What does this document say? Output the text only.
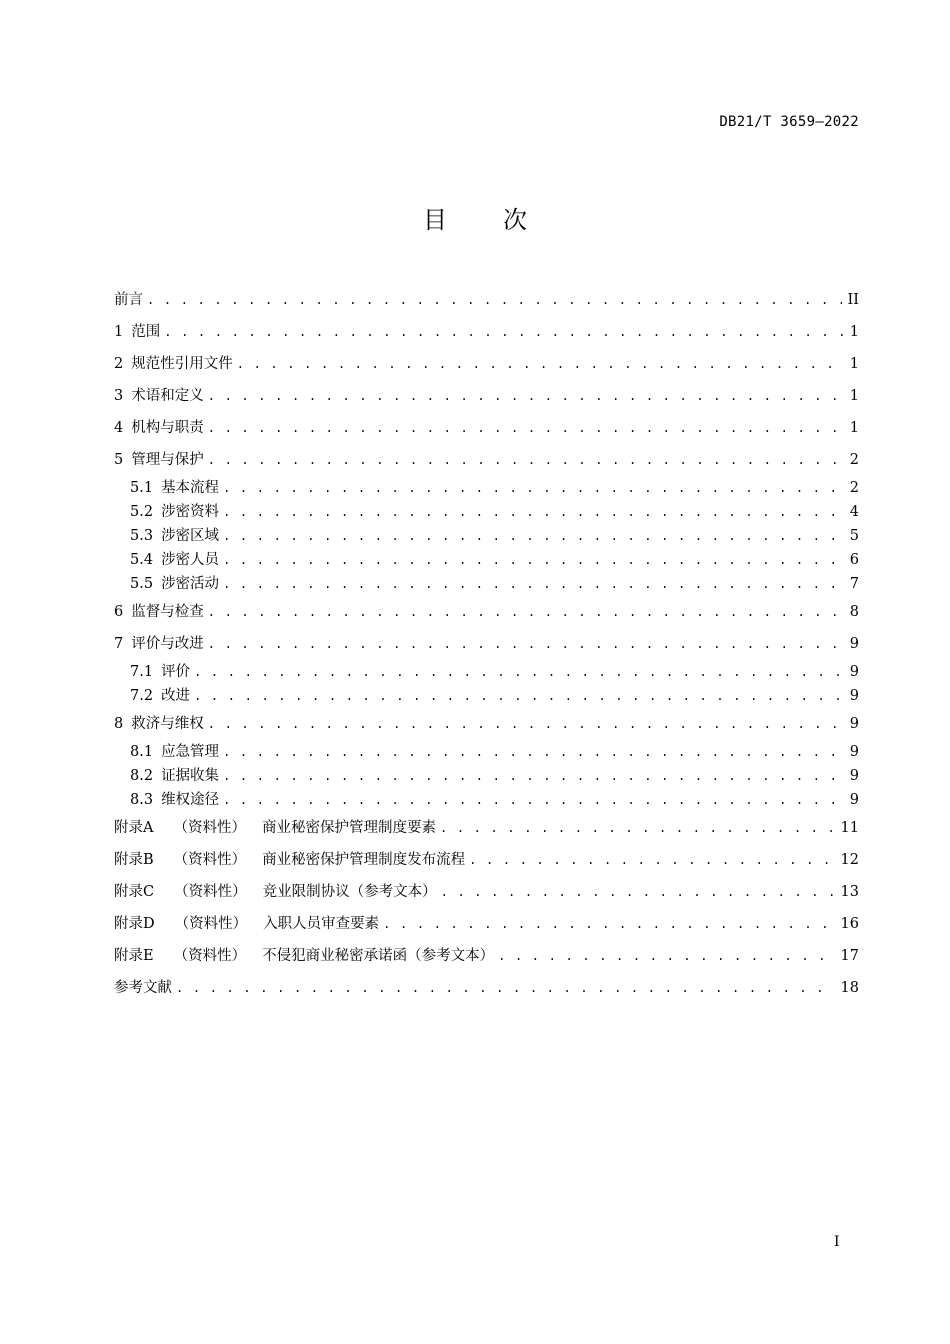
DB21/T 3659—2022
目 次
前言 . . .	II
1 范围 . . .	1
2 规范性引用文件 . . .	1
3 术语和定义 . . .	1
4 机构与职责 . . .	1
5 管理与保护 . . .	2
5.1 基本流程 . . .	2
5.2 涉密资料 . . .	4
5.3 涉密区域 . . .	5
5.4 涉密人员 . . .	6
5.5 涉密活动 . . .	7
6 监督与检查 . . .	8
7 评价与改进 . . .	9
7.1 评价 . . .	9
7.2 改进 . . .	9
8 救济与维权 . . .	9
8.1 应急管理 . . .	9
8.2 证据收集 . . .	9
8.3 维权途径 . . .	9
附录A （资料性） 商业秘密保护管理制度要素 . . .	11
附录B （资料性） 商业秘密保护管理制度发布流程 . . .	12
附录C （资料性） 竞业限制协议（参考文本） . . .	13
附录D （资料性） 入职人员审查要素 . . .	16
附录E （资料性） 不侵犯商业秘密承诺函（参考文本） . . .	17
参考文献 . . .	18
I
